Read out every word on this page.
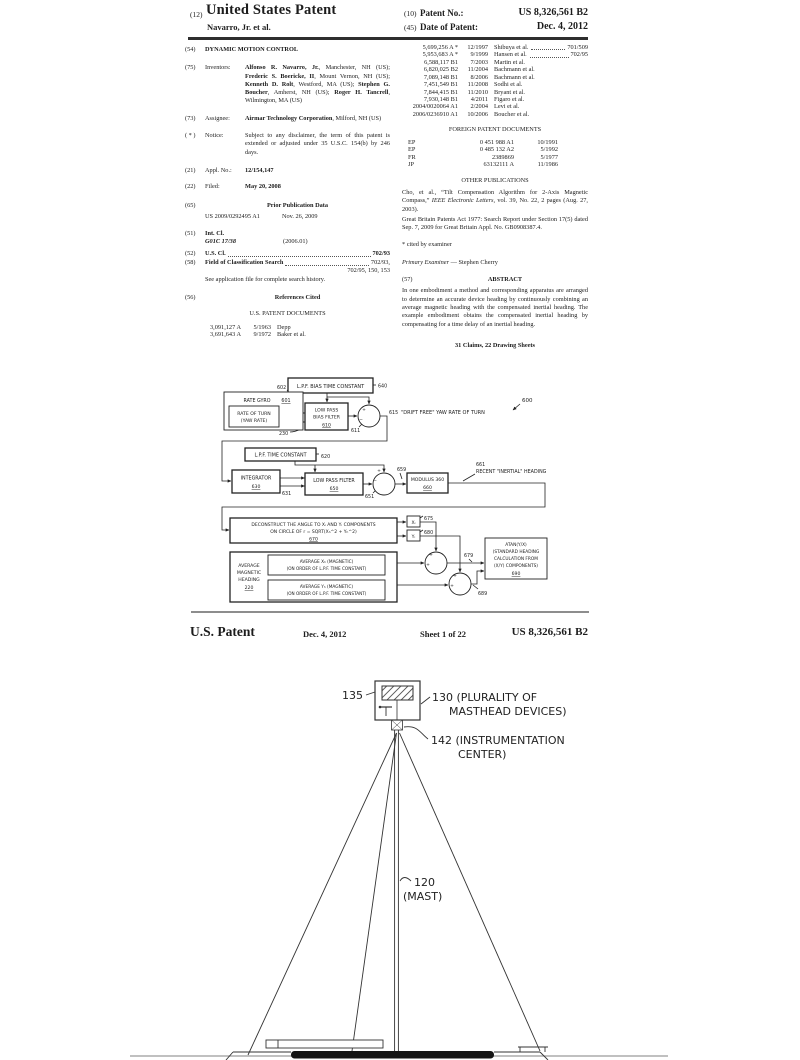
(12) United States Patent
Navarro, Jr. et al.
(10) Patent No.:	US 8,326,561 B2
(45) Date of Patent:	Dec. 4, 2012
(54)	DYNAMIC MOTION CONTROL
(75)	Inventors:	Alfonso R. Navarro, Jr., Manchester, NH (US); Frederic S. Boericke, II, Mount Vernon, NH (US); Kenneth D. Rolt, Westford, MA (US); Stephen G. Boucher, Amherst, NH (US); Roger H. Tancrell, Wilmington, MA (US)
(73)	Assignee:	Airmar Technology Corporation, Milford, NH (US)
( * )	Notice:	Subject to any disclaimer, the term of this patent is extended or adjusted under 35 U.S.C. 154(b) by 246 days.
(21)	Appl. No.:	12/154,147
(22)	Filed:	May 20, 2008
(65)	Prior Publication Data
US 2009/0292495 A1	Nov. 26, 2009
(51)	Int. Cl.
G01C 17/38	(2006.01)
(52)	U.S. Cl.	702/93
(58)	Field of Classification Search	702/93,
702/95, 150, 153
See application file for complete search history.
(56)	References Cited
U.S. PATENT DOCUMENTS
3,091,127 A	5/1963 Depp
3,691,643 A	9/1972 Baker et al.
5,699,256 A *	12/1997 Shibuya et al.	701/509
5,953,683 A *	9/1999 Hansen et al.	702/95
6,588,117 B1	7/2003 Martin et al.
6,820,025 B2	11/2004 Bachmann et al.
7,089,148 B1	8/2006 Bachmann et al.
7,451,549 B1	11/2008 Sodhi et al.
7,844,415 B1	11/2010 Bryant et al.
7,930,148 B1	4/2011 Figaro et al.
2004/0020064 A1	2/2004 Levi et al.
2006/0236910 A1	10/2006 Boucher et al.
FOREIGN PATENT DOCUMENTS
EP	0 451 988 A1	10/1991
EP	0 485 132 A2	5/1992
FR	2389869	5/1977
JP	63132111 A	11/1986
OTHER PUBLICATIONS
Cho, et al., “Tilt Compensation Algorithm for 2-Axis Magnetic Compass,” IEEE Electronic Letters, vol. 39, No. 22, 2 pages (Aug. 27, 2003).
Great Britain Patents Act 1977: Search Report under Section 17(5) dated Sep. 7, 2009 for Great Britain Appl. No. GB0908387.4.
* cited by examiner
Primary Examiner — Stephen Cherry
(57)	ABSTRACT
In one embodiment a method and corresponding apparatus are arranged to determine an accurate device heading by continuously combining an average magnetic heading with the compensated inertial heading. The example embodiment obtains the compensated inertial heading by compensating for a time delay of an inertial heading.
31 Claims, 22 Drawing Sheets
L.P.F. BIAS TIME CONSTANT
RATE GYRO 601
RATE OF TURN
(YAW RATE)
LOW PASS
BIAS FILTER
610
L.P.F. TIME CONSTANT
INTEGRATOR
630
LOW PASS FILTER
650
MODULUS 360
660
DECONSTRUCT THE ANGLE TO Xᵢ AND Yᵢ COMPONENTS
ON CIRCLE OF r = SQRT(Xₕ^2 + Yₕ^2)
670
Xᵢ
Yᵢ
AVERAGE
MAGNETIC
HEADING
220
AVERAGE Xₕ (MAGNETIC)
(ON ORDER OF L.P.F. TIME CONSTANT)
AVERAGE Yₕ (MAGNETIC)
(ON ORDER OF L.P.F. TIME CONSTANT)
ATAN(Y/X)
(STANDARD HEADING
CALCULATION FROM
(X/Y) COMPONENTS)
690
602	640
230
611
615 "DRIFT FREE" YAW RATE OF TURN
600
620
631
651
659
661
RECENT "INERTIAL" HEADING
675
680
679
689
+
−
+
−
+
+
+
+
U.S. Patent	Dec. 4, 2012	Sheet 1 of 22	US 8,326,561 B2
135	130 (PLURALITY OF
MASTHEAD DEVICES)
142 (INSTRUMENTATION
CENTER)
120
(MAST)
